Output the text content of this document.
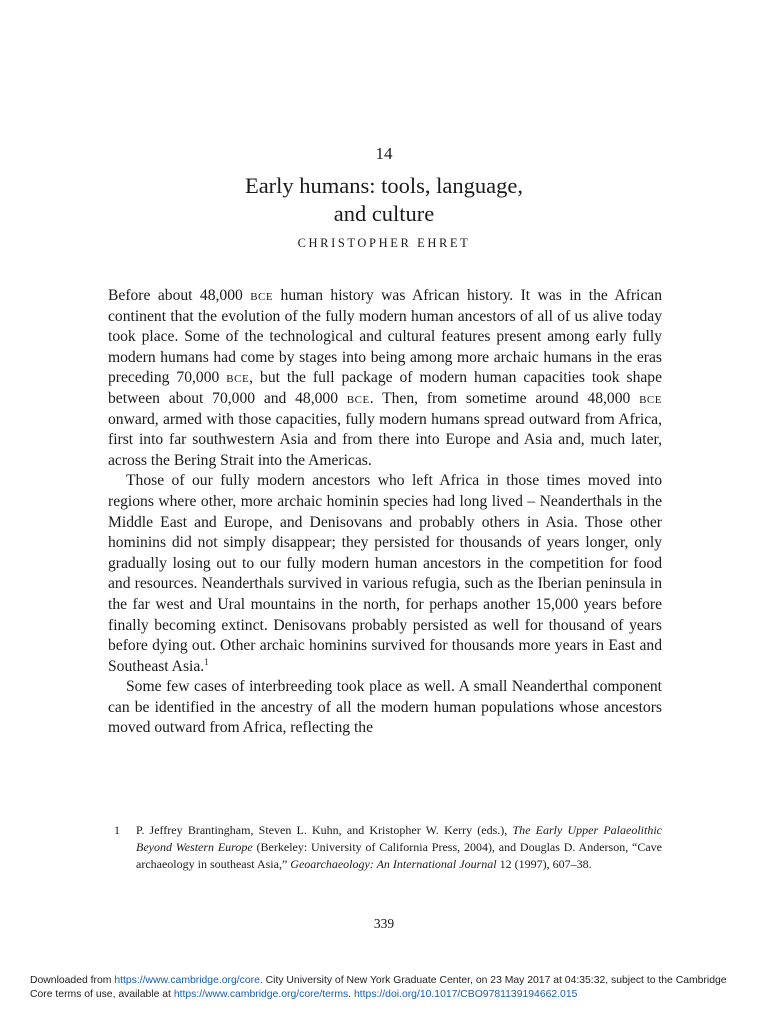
14
Early humans: tools, language,
and culture
CHRISTOPHER EHRET

Before about 48,000 bce human history was African history. It was in the African continent that the evolution of the fully modern human ancestors of all of us alive today took place. Some of the technological and cultural features present among early fully modern humans had come by stages into being among more archaic humans in the eras preceding 70,000 bce, but the full package of modern human capacities took shape between about 70,000 and 48,000 bce. Then, from sometime around 48,000 bce onward, armed with those capacities, fully modern humans spread outward from Africa, first into far southwestern Asia and from there into Europe and Asia and, much later, across the Bering Strait into the Americas.

Those of our fully modern ancestors who left Africa in those times moved into regions where other, more archaic hominin species had long lived – Neanderthals in the Middle East and Europe, and Denisovans and probably others in Asia. Those other hominins did not simply disappear; they persisted for thousands of years longer, only gradually losing out to our fully modern human ancestors in the competition for food and resources. Neanderthals survived in various refugia, such as the Iberian peninsula in the far west and Ural mountains in the north, for perhaps another 15,000 years before finally becoming extinct. Denisovans probably persisted as well for thousand of years before dying out. Other archaic hominins survived for thousands more years in East and Southeast Asia.$^1$

Some few cases of interbreeding took place as well. A small Neanderthal component can be identified in the ancestry of all the modern human populations whose ancestors moved outward from Africa, reflecting the

1	P. Jeffrey Brantingham, Steven L. Kuhn, and Kristopher W. Kerry (eds.), The Early Upper Palaeolithic Beyond Western Europe (Berkeley: University of California Press, 2004), and Douglas D. Anderson, “Cave archaeology in southeast Asia,” Geoarchaeology: An International Journal 12 (1997), 607–38.
339
Downloaded from https://www.cambridge.org/core. City University of New York Graduate Center, on 23 May 2017 at 04:35:32, subject to the Cambridge Core terms of use, available at https://www.cambridge.org/core/terms. https://doi.org/10.1017/CBO9781139194662.015
